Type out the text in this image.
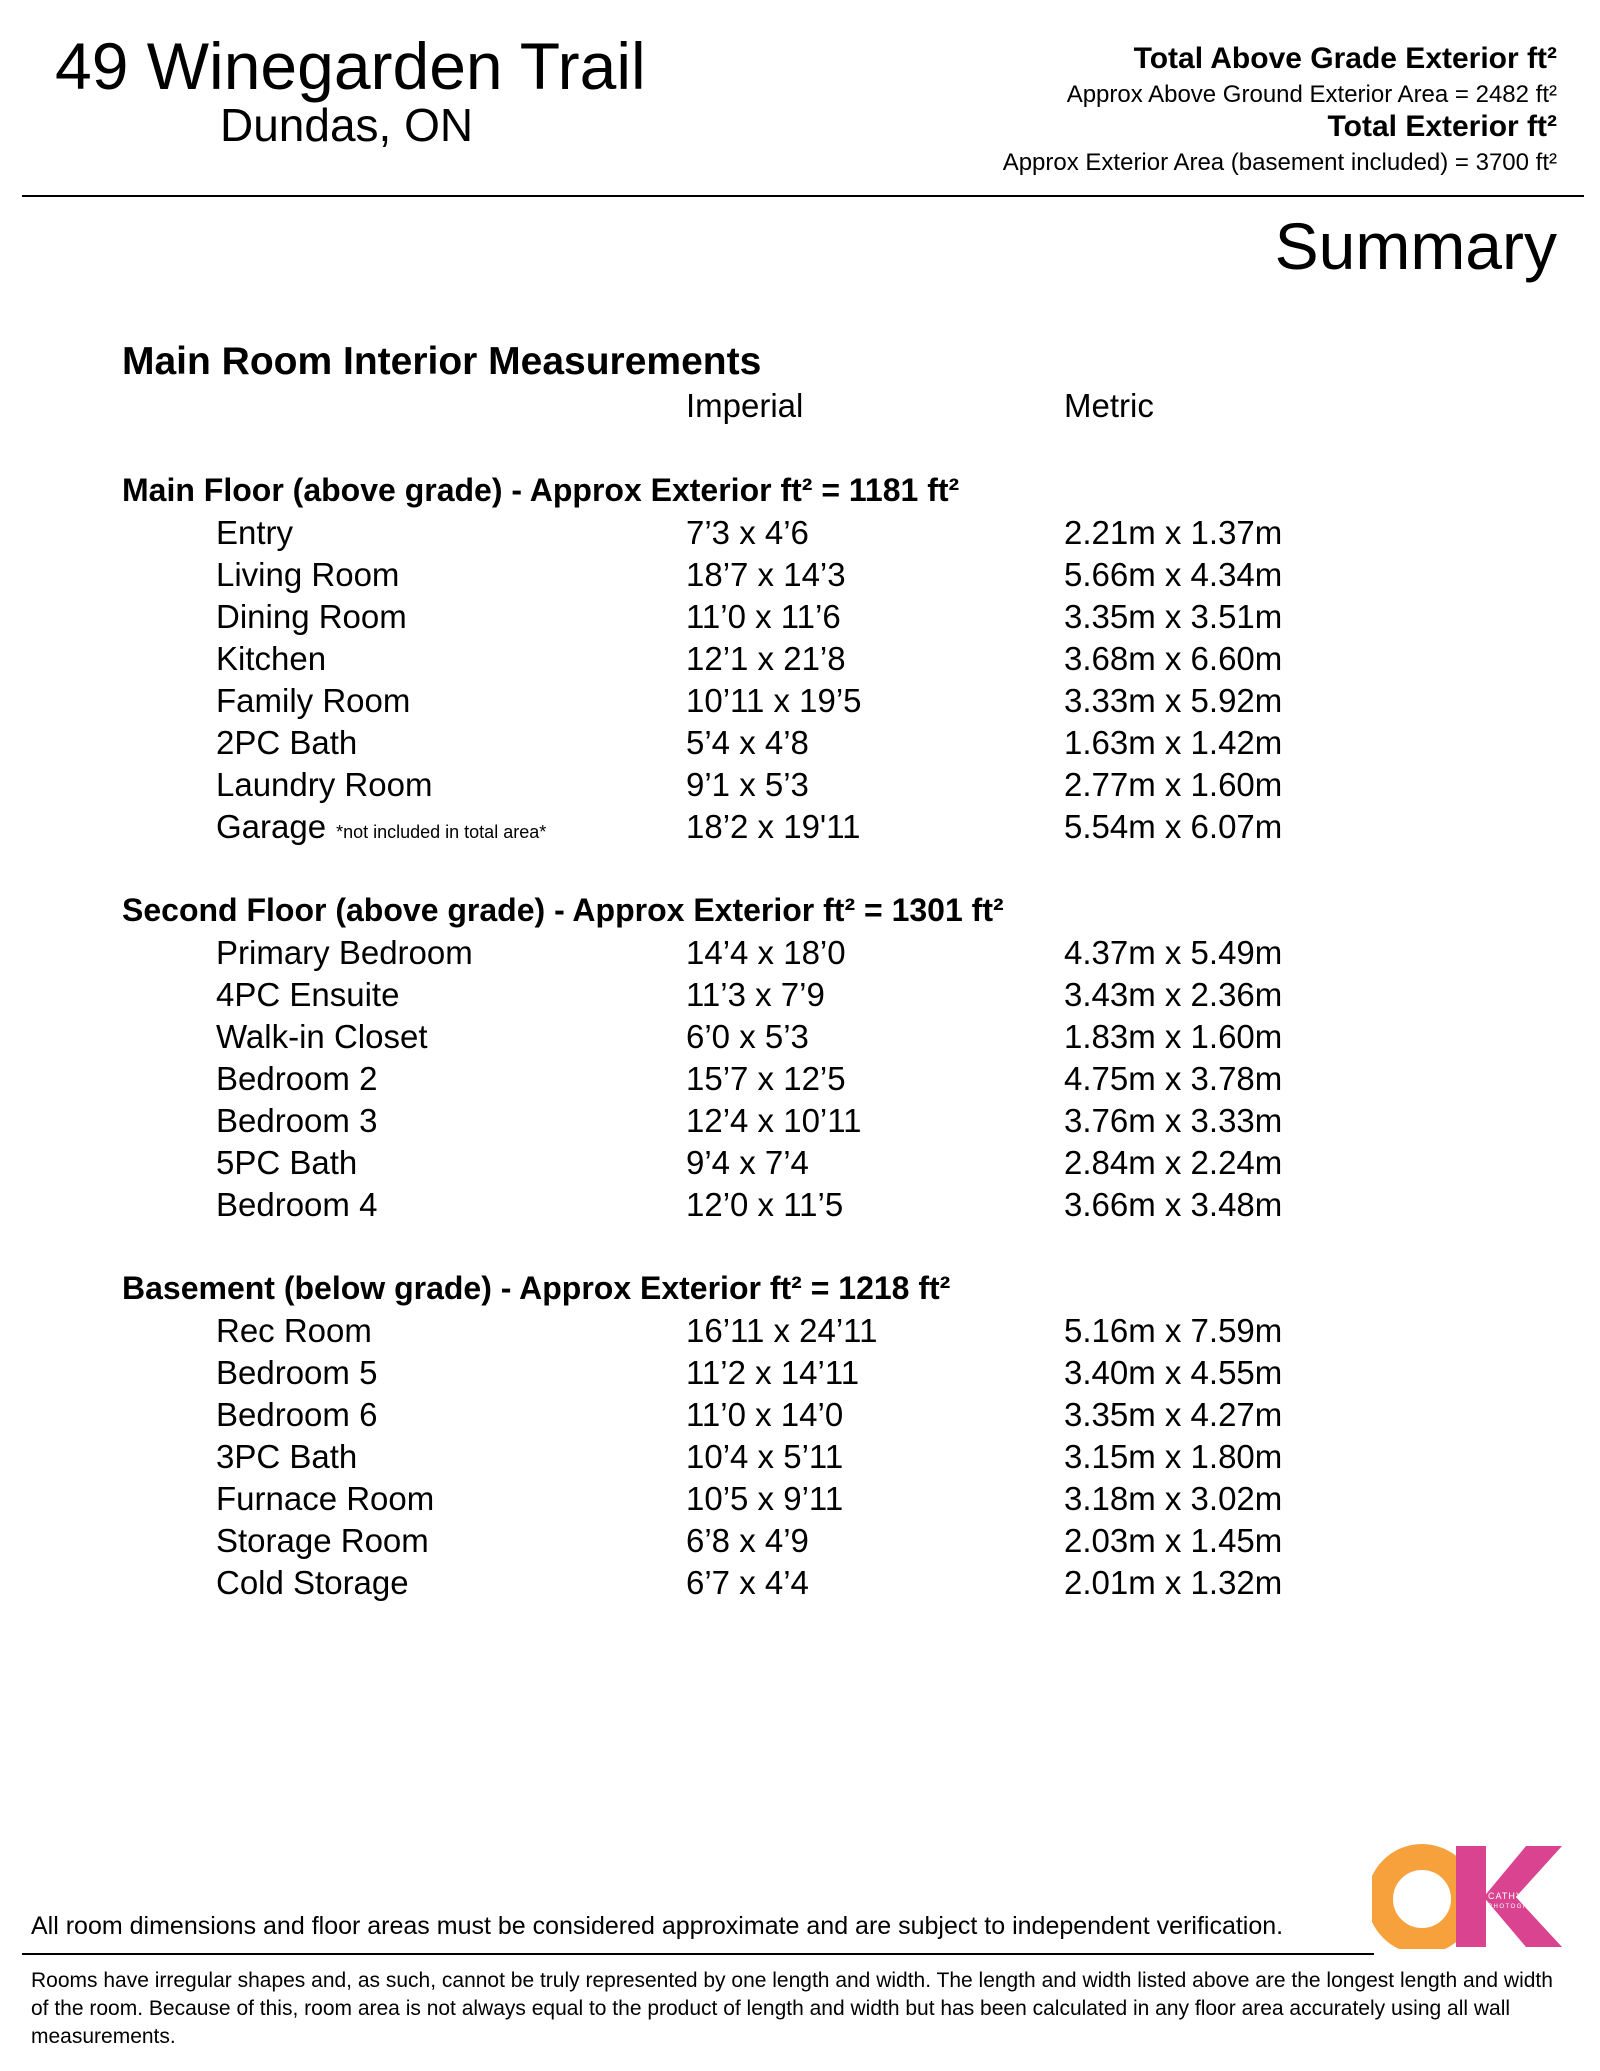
49 Winegarden Trail
Dundas, ON
Total Above Grade Exterior ft²
Approx Above Ground Exterior Area = 2482 ft²
Total Exterior ft²
Approx Exterior Area (basement included) = 3700 ft²
Summary
Main Room Interior Measurements
Imperial	Metric
Main Floor (above grade) - Approx Exterior ft² = 1181 ft²
Entry	7’3 x 4’6	2.21m x 1.37m
Living Room	18’7 x 14’3	5.66m x 4.34m
Dining Room	11’0 x 11’6	3.35m x 3.51m
Kitchen	12’1 x 21’8	3.68m x 6.60m
Family Room	10’11 x 19’5	3.33m x 5.92m
2PC Bath	5’4 x 4’8	1.63m x 1.42m
Laundry Room	9’1 x 5’3	2.77m x 1.60m
Garage *not included in total area*	18’2 x 19'11	5.54m x 6.07m
Second Floor (above grade) - Approx Exterior ft² = 1301 ft²
Primary Bedroom	14’4 x 18’0	4.37m x 5.49m
4PC Ensuite	11’3 x 7’9	3.43m x 2.36m
Walk-in Closet	6’0 x 5’3	1.83m x 1.60m
Bedroom 2	15’7 x 12’5	4.75m x 3.78m
Bedroom 3	12’4 x 10’11	3.76m x 3.33m
5PC Bath	9’4 x 7’4	2.84m x 2.24m
Bedroom 4	12’0 x 11’5	3.66m x 3.48m
Basement (below grade) - Approx Exterior ft² = 1218 ft²
Rec Room	16’11 x 24’11	5.16m x 7.59m
Bedroom 5	11’2 x 14’11	3.40m x 4.55m
Bedroom 6	11’0 x 14’0	3.35m x 4.27m
3PC Bath	10’4 x 5’11	3.15m x 1.80m
Furnace Room	10’5 x 9’11	3.18m x 3.02m
Storage Room	6’8 x 4’9	2.03m x 1.45m
Cold Storage	6’7 x 4’4	2.01m x 1.32m
CATHY KOOP
PHOTOGRAPHY
All room dimensions and floor areas must be considered approximate and are subject to independent verification.
Rooms have irregular shapes and, as such, cannot be truly represented by one length and width. The length and width listed above are the longest length and width of the room. Because of this, room area is not always equal to the product of length and width but has been calculated in any floor area accurately using all wall measurements.
